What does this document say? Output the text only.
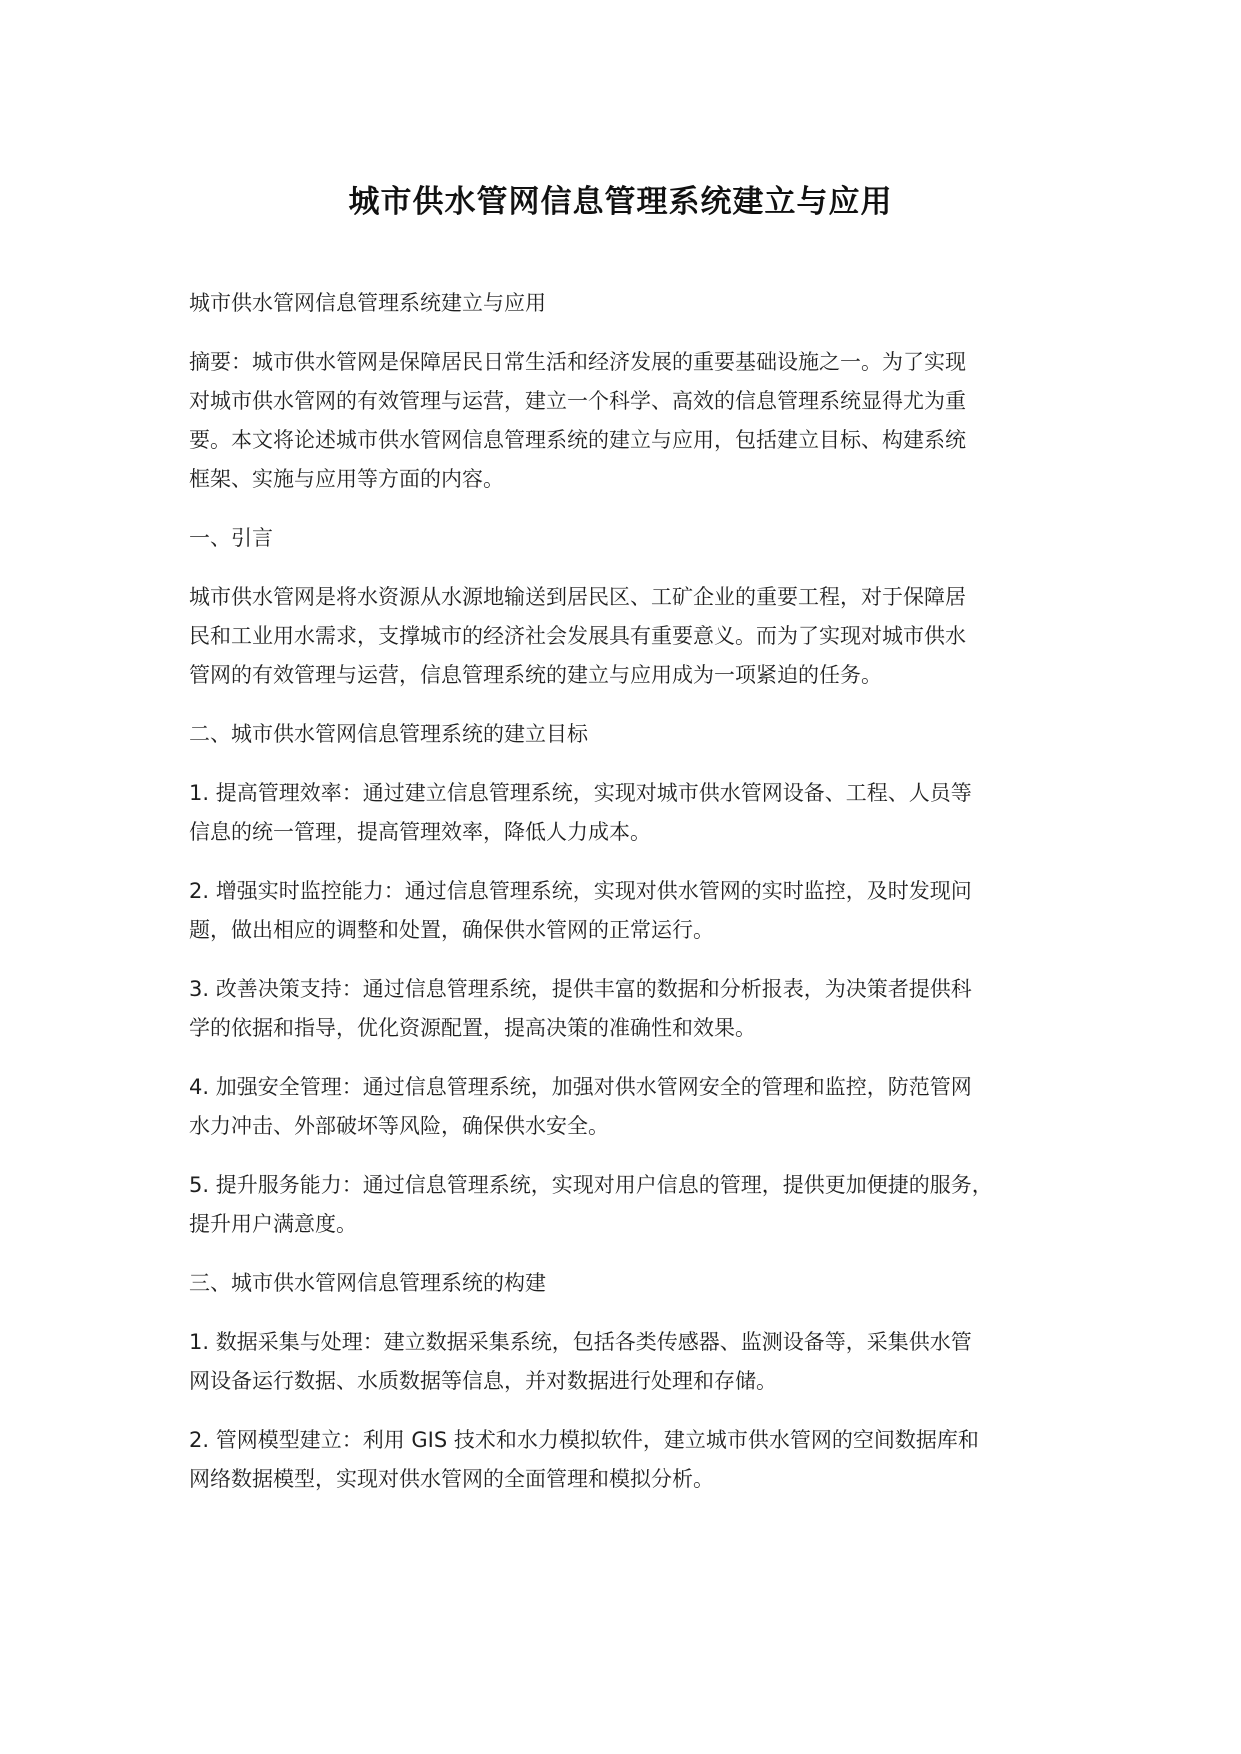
城市供水管网信息管理系统建立与应用
城市供水管网信息管理系统建立与应用
摘要：城市供水管网是保障居民日常生活和经济发展的重要基础设施之一。为了实现
对城市供水管网的有效管理与运营，建立一个科学、高效的信息管理系统显得尤为重
要。本文将论述城市供水管网信息管理系统的建立与应用，包括建立目标、构建系统
框架、实施与应用等方面的内容。
一、引言
城市供水管网是将水资源从水源地输送到居民区、工矿企业的重要工程，对于保障居
民和工业用水需求，支撑城市的经济社会发展具有重要意义。而为了实现对城市供水
管网的有效管理与运营，信息管理系统的建立与应用成为一项紧迫的任务。
二、城市供水管网信息管理系统的建立目标
1. 提高管理效率：通过建立信息管理系统，实现对城市供水管网设备、工程、人员等
信息的统一管理，提高管理效率，降低人力成本。
2. 增强实时监控能力：通过信息管理系统，实现对供水管网的实时监控，及时发现问
题，做出相应的调整和处置，确保供水管网的正常运行。
3. 改善决策支持：通过信息管理系统，提供丰富的数据和分析报表，为决策者提供科
学的依据和指导，优化资源配置，提高决策的准确性和效果。
4. 加强安全管理：通过信息管理系统，加强对供水管网安全的管理和监控，防范管网
水力冲击、外部破坏等风险，确保供水安全。
5. 提升服务能力：通过信息管理系统，实现对用户信息的管理，提供更加便捷的服务，
提升用户满意度。
三、城市供水管网信息管理系统的构建
1. 数据采集与处理：建立数据采集系统，包括各类传感器、监测设备等，采集供水管
网设备运行数据、水质数据等信息，并对数据进行处理和存储。
2. 管网模型建立：利用 GIS 技术和水力模拟软件，建立城市供水管网的空间数据库和
网络数据模型，实现对供水管网的全面管理和模拟分析。
